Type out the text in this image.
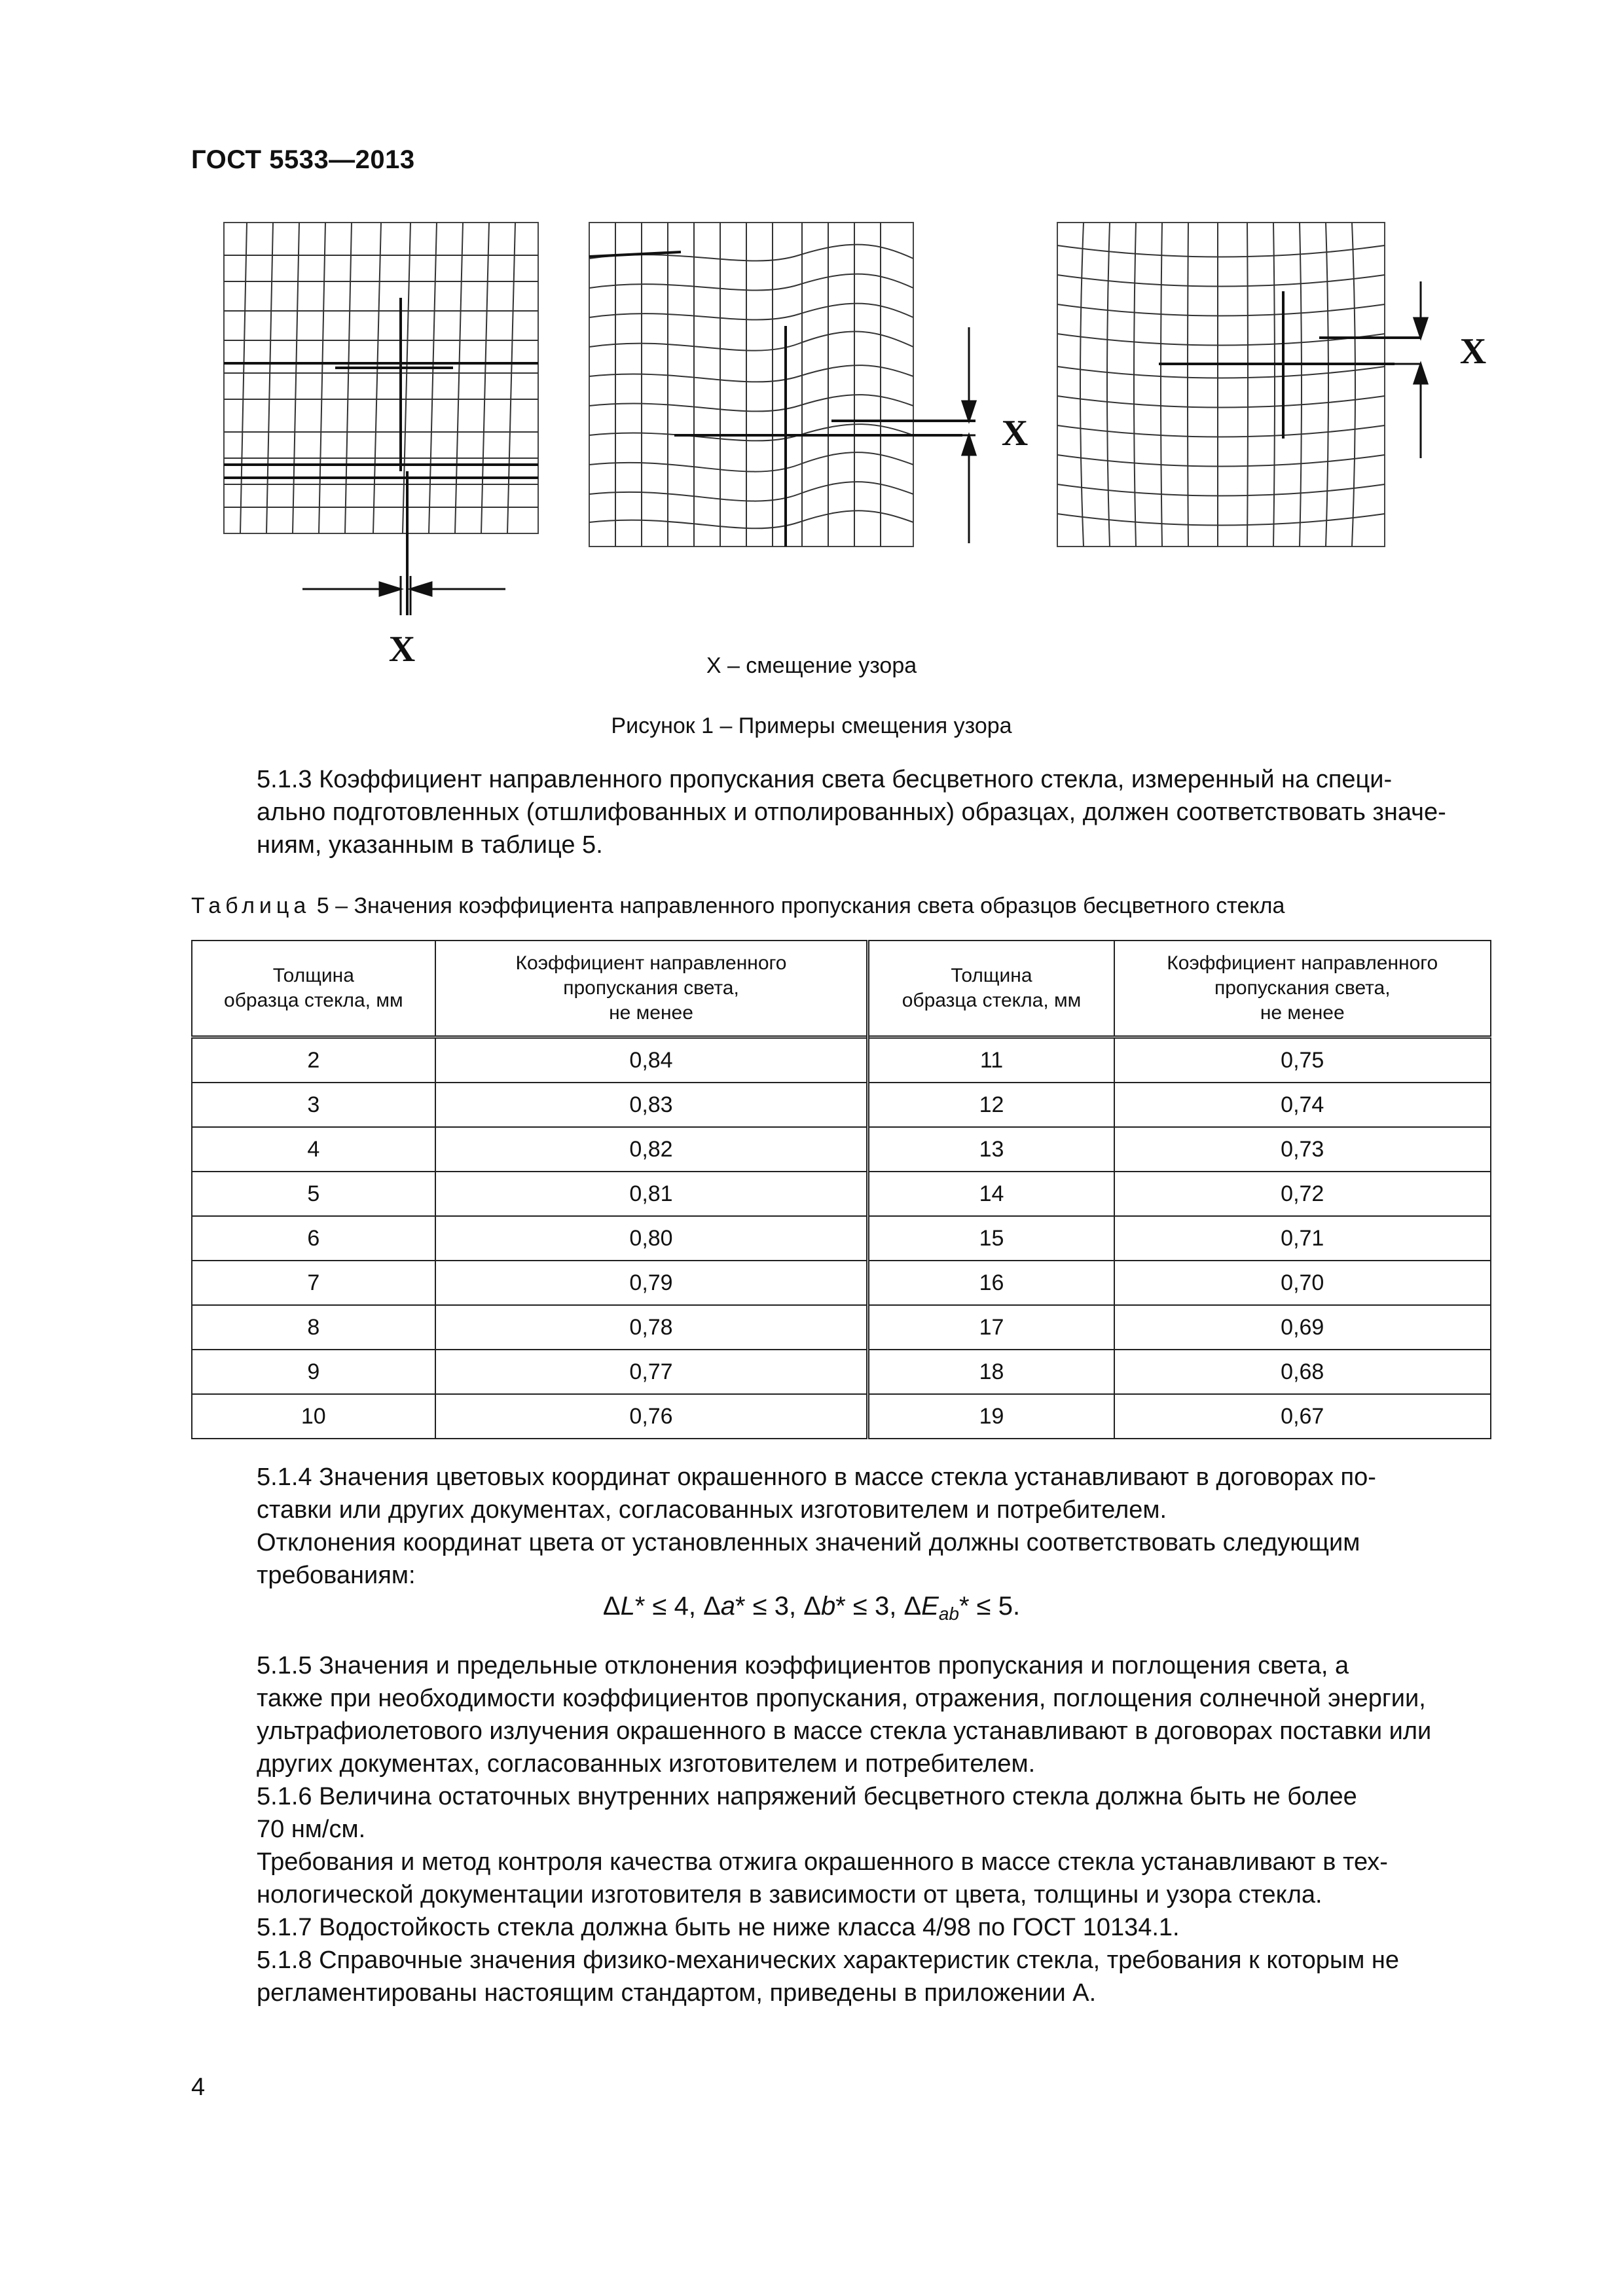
ГОСТ 5533—2013
X
X
X
X – смещение узора
Рисунок 1 – Примеры смещения узора
5.1.3 Коэффициент направленного пропускания света бесцветного стекла, измеренный на специ-
ально подготовленных (отшлифованных и отполированных) образцах, должен соответствовать значе-
ниям, указанным в таблице 5.
Таблица 5 – Значения коэффициента направленного пропускания света образцов бесцветного стекла
Толщина
образца стекла, мм	Коэффициент направленного
пропускания света,
не менее	Толщина
образца стекла, мм	Коэффициент направленного
пропускания света,
не менее
2	0,84	11	0,75
3	0,83	12	0,74
4	0,82	13	0,73
5	0,81	14	0,72
6	0,80	15	0,71
7	0,79	16	0,70
8	0,78	17	0,69
9	0,77	18	0,68
10	0,76	19	0,67
5.1.4 Значения цветовых координат окрашенного в массе стекла устанавливают в договорах по-
ставки или других документах, согласованных изготовителем и потребителем.
Отклонения координат цвета от установленных значений должны соответствовать следующим
требованиям:
ΔL* ≤ 4, Δa* ≤ 3, Δb* ≤ 3, $\Delta E_{ab}* \le 5$.
5.1.5 Значения и предельные отклонения коэффициентов пропускания и поглощения света, а
также при необходимости коэффициентов пропускания, отражения, поглощения солнечной энергии,
ультрафиолетового излучения окрашенного в массе стекла устанавливают в договорах поставки или
других документах, согласованных изготовителем и потребителем.
5.1.6 Величина остаточных внутренних напряжений бесцветного стекла должна быть не более
70 нм/см.
Требования и метод контроля качества отжига окрашенного в массе стекла устанавливают в тех-
нологической документации изготовителя в зависимости от цвета, толщины и узора стекла.
5.1.7 Водостойкость стекла должна быть не ниже класса 4/98 по ГОСТ 10134.1.
5.1.8 Справочные значения физико-механических характеристик стекла, требования к которым не
регламентированы настоящим стандартом, приведены в приложении А.
4
